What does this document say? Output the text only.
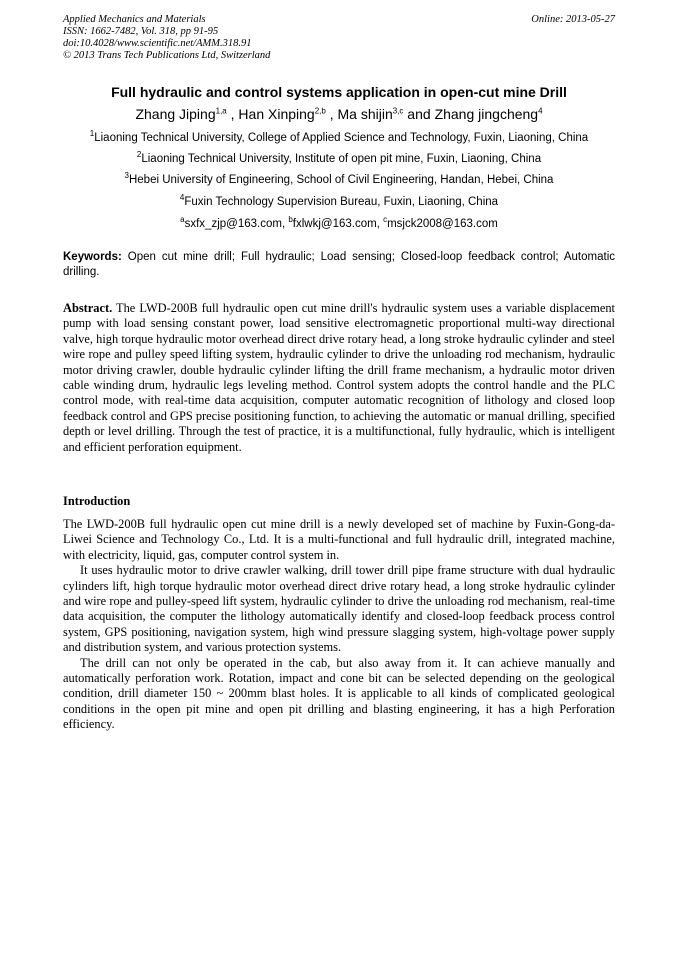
Applied Mechanics and Materials
ISSN: 1662-7482, Vol. 318, pp 91-95
doi:10.4028/www.scientific.net/AMM.318.91
© 2013 Trans Tech Publications Ltd, Switzerland
Online: 2013-05-27
Full hydraulic and control systems application in open-cut mine Drill
Zhang Jiping$^{1,a}$ , Han Xinping$^{2,b}$ , Ma shijin$^{3,c}$ and Zhang jingcheng$^4$
$^1$Liaoning Technical University, College of Applied Science and Technology, Fuxin, Liaoning, China
$^2$Liaoning Technical University, Institute of open pit mine, Fuxin, Liaoning, China
$^3$Hebei University of Engineering, School of Civil Engineering, Handan, Hebei, China
$^4$Fuxin Technology Supervision Bureau, Fuxin, Liaoning, China
$^a$sxfx_zjp@163.com, $^b$fxlwkj@163.com, $^c$msjck2008@163.com
Keywords: Open cut mine drill; Full hydraulic; Load sensing; Closed-loop feedback control; Automatic drilling.

Abstract. The LWD-200B full hydraulic open cut mine drill's hydraulic system uses a variable displacement pump with load sensing constant power, load sensitive electromagnetic proportional multi-way directional valve, high torque hydraulic motor overhead direct drive rotary head, a long stroke hydraulic cylinder and steel wire rope and pulley speed lifting system, hydraulic cylinder to drive the unloading rod mechanism, hydraulic motor driving crawler, double hydraulic cylinder lifting the drill frame mechanism, a hydraulic motor driven cable winding drum, hydraulic legs leveling method. Control system adopts the control handle and the PLC control mode, with real-time data acquisition, computer automatic recognition of lithology and closed loop feedback control and GPS precise positioning function, to achieving the automatic or manual drilling, specified depth or level drilling. Through the test of practice, it is a multifunctional, fully hydraulic, which is intelligent and efficient perforation equipment.

Introduction

The LWD-200B full hydraulic open cut mine drill is a newly developed set of machine by Fuxin-Gong-da-Liwei Science and Technology Co., Ltd. It is a multi-functional and full hydraulic drill, integrated machine, with electricity, liquid, gas, computer control system in.

It uses hydraulic motor to drive crawler walking, drill tower drill pipe frame structure with dual hydraulic cylinders lift, high torque hydraulic motor overhead direct drive rotary head, a long stroke hydraulic cylinder and wire rope and pulley-speed lift system, hydraulic cylinder to drive the unloading rod mechanism, real-time data acquisition, the computer the lithology automatically identify and closed-loop feedback process control system, GPS positioning, navigation system, high wind pressure slagging system, high-voltage power supply and distribution system, and various protection systems.

The drill can not only be operated in the cab, but also away from it. It can achieve manually and automatically perforation work. Rotation, impact and cone bit can be selected depending on the geological condition, drill diameter 150 ~ 200mm blast holes. It is applicable to all kinds of complicated geological conditions in the open pit mine and open pit drilling and blasting engineering, it has a high Perforation efficiency.
